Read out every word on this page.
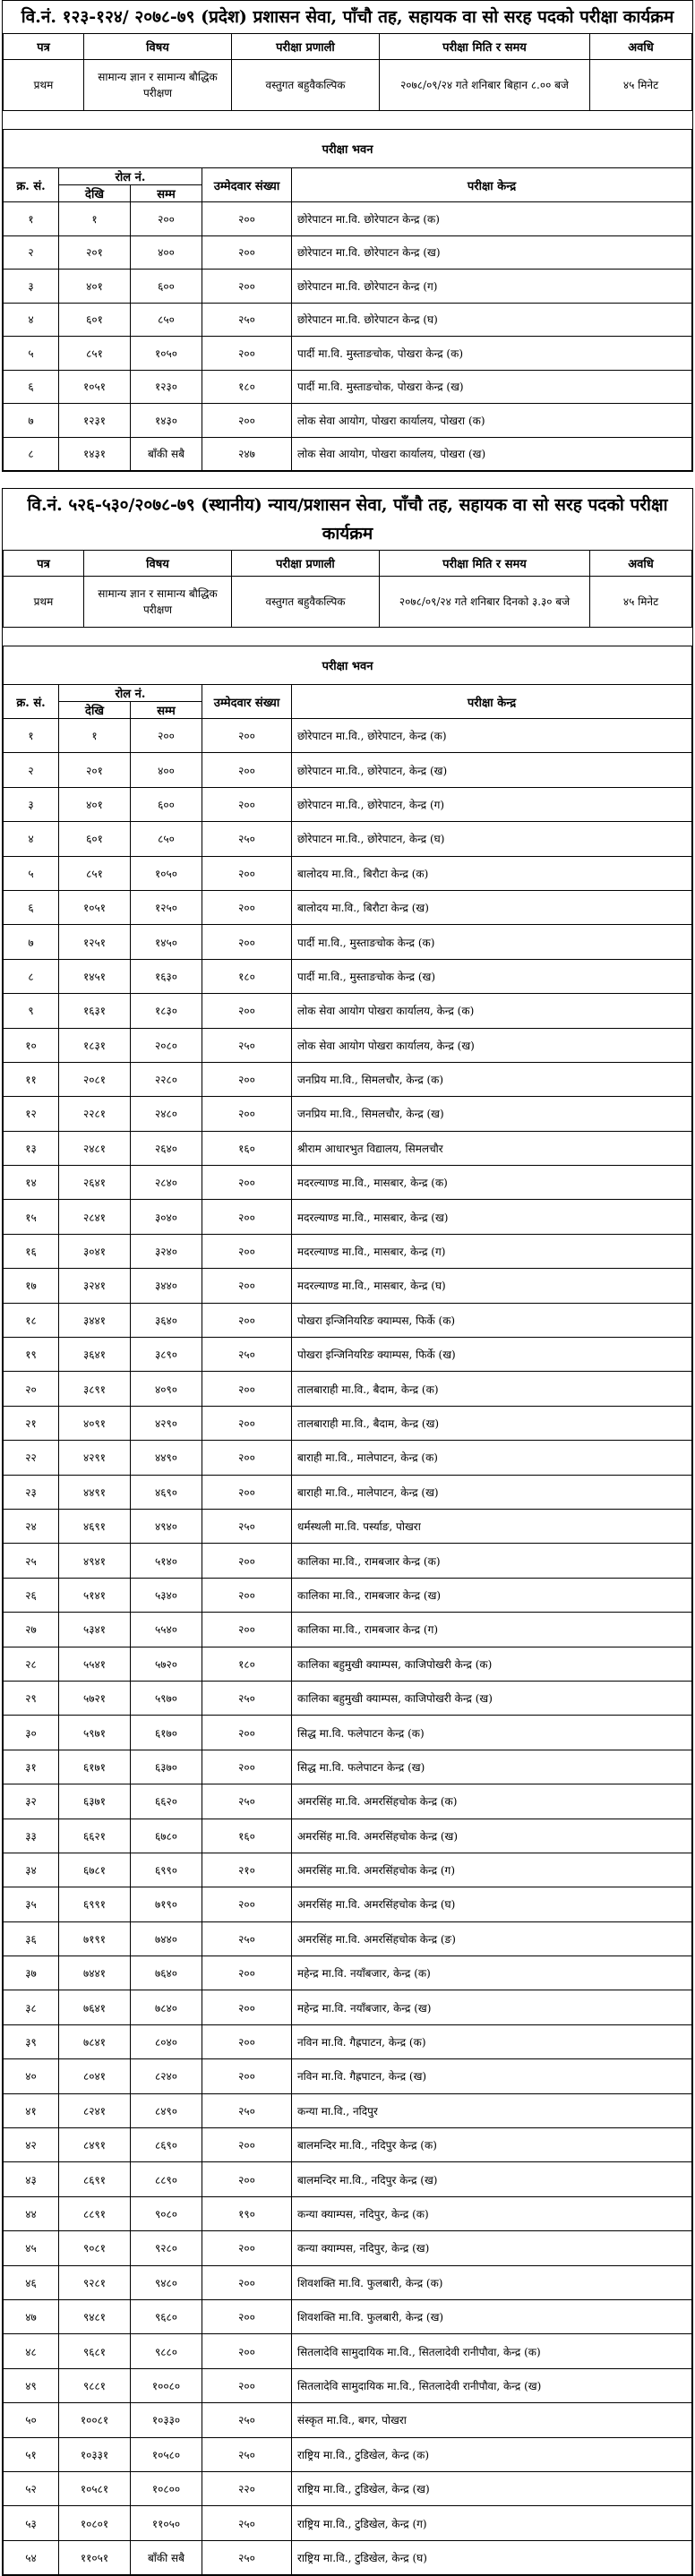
वि.नं. १२३-१२४/ २०७८-७९ (प्रदेश) प्रशासन सेवा, पाँचौ तह, सहायक वा सो सरह पदको परीक्षा कार्यक्रम
पत्र	विषय	परीक्षा प्रणाली	परीक्षा मिति र समय	अवधि
प्रथम	सामान्य ज्ञान र सामान्य बौद्धिक परीक्षण	वस्तुगत बहुवैकल्पिक	२०७८/०९/२४ गते शनिबार बिहान ८.०० बजे	४५ मिनेट
परीक्षा भवन				
क्र. सं.	रोल नं.		उम्मेदवार संख्या	परीक्षा केन्द्र
	देखि	सम्म		
१	१	२००	२००	छोरेपाटन मा.वि. छोरेपाटन केन्द्र (क)
२	२०१	४००	२००	छोरेपाटन मा.वि. छोरेपाटन केन्द्र (ख)
३	४०१	६००	२००	छोरेपाटन मा.वि. छोरेपाटन केन्द्र (ग)
४	६०१	८५०	२५०	छोरेपाटन मा.वि. छोरेपाटन केन्द्र (घ)
५	८५१	१०५०	२००	पार्दी मा.वि. मुस्ताङचोक, पोखरा केन्द्र (क)
६	१०५१	१२३०	१८०	पार्दी मा.वि. मुस्ताङचोक, पोखरा केन्द्र (ख)
७	१२३१	१४३०	२००	लोक सेवा आयोग, पोखरा कार्यालय, पोखरा (क)
८	१४३१	बाँकी सबै	२४७	लोक सेवा आयोग, पोखरा कार्यालय, पोखरा (ख)
वि.नं. ५२६-५३०/२०७८-७९ (स्थानीय) न्याय/प्रशासन सेवा, पाँचौ तह, सहायक वा सो सरह पदको परीक्षा कार्यक्रम
पत्र	विषय	परीक्षा प्रणाली	परीक्षा मिति र समय	अवधि
प्रथम	सामान्य ज्ञान र सामान्य बौद्धिक परीक्षण	वस्तुगत बहुवैकल्पिक	२०७८/०९/२४ गते शनिबार दिनको ३.३० बजे	४५ मिनेट
परीक्षा भवन				
क्र. सं.	रोल नं.		उम्मेदवार संख्या	परीक्षा केन्द्र
	देखि	सम्म		
१	१	२००	२००	छोरेपाटन मा.वि., छोरेपाटन, केन्द्र (क)
२	२०१	४००	२००	छोरेपाटन मा.वि., छोरेपाटन, केन्द्र (ख)
३	४०१	६००	२००	छोरेपाटन मा.वि., छोरेपाटन, केन्द्र (ग)
४	६०१	८५०	२५०	छोरेपाटन मा.वि., छोरेपाटन, केन्द्र (घ)
५	८५१	१०५०	२००	बालोदय मा.वि., बिरौटा केन्द्र (क)
६	१०५१	१२५०	२००	बालोदय मा.वि., बिरौटा केन्द्र (ख)
७	१२५१	१४५०	२००	पार्दी मा.वि., मुस्ताङचोक केन्द्र (क)
८	१४५१	१६३०	१८०	पार्दी मा.वि., मुस्ताङचोक केन्द्र (ख)
९	१६३१	१८३०	२००	लोक सेवा आयोग पोखरा कार्यालय, केन्द्र (क)
१०	१८३१	२०८०	२५०	लोक सेवा आयोग पोखरा कार्यालय, केन्द्र (ख)
११	२०८१	२२८०	२००	जनप्रिय मा.वि., सिमलचौर, केन्द्र (क)
१२	२२८१	२४८०	२००	जनप्रिय मा.वि., सिमलचौर, केन्द्र (ख)
१३	२४८१	२६४०	१६०	श्रीराम आधारभुत विद्यालय, सिमलचौर
१४	२६४१	२८४०	२००	मदरल्याण्ड मा.वि., मासबार, केन्द्र (क)
१५	२८४१	३०४०	२००	मदरल्याण्ड मा.वि., मासबार, केन्द्र (ख)
१६	३०४१	३२४०	२००	मदरल्याण्ड मा.वि., मासबार, केन्द्र (ग)
१७	३२४१	३४४०	२००	मदरल्याण्ड मा.वि., मासबार, केन्द्र (घ)
१८	३४४१	३६४०	२००	पोखरा इन्जिनियरिङ क्याम्पस, फिर्के (क)
१९	३६४१	३८९०	२५०	पोखरा इन्जिनियरिङ क्याम्पस, फिर्के (ख)
२०	३८९१	४०९०	२००	तालबाराही मा.वि., बैदाम, केन्द्र (क)
२१	४०९१	४२९०	२००	तालबाराही मा.वि., बैदाम, केन्द्र (ख)
२२	४२९१	४४९०	२००	बाराही मा.वि., मालेपाटन, केन्द्र (क)
२३	४४९१	४६९०	२००	बाराही मा.वि., मालेपाटन, केन्द्र (ख)
२४	४६९१	४९४०	२५०	धर्मस्थली मा.वि. पर्स्याङ, पोखरा
२५	४९४१	५१४०	२००	कालिका मा.वि., रामबजार केन्द्र (क)
२६	५१४१	५३४०	२००	कालिका मा.वि., रामबजार केन्द्र (ख)
२७	५३४१	५५४०	२००	कालिका मा.वि., रामबजार केन्द्र (ग)
२८	५५४१	५७२०	१८०	कालिका बहुमुखी क्याम्पस, काजिपोखरी केन्द्र (क)
२९	५७२१	५९७०	२५०	कालिका बहुमुखी क्याम्पस, काजिपोखरी केन्द्र (ख)
३०	५९७१	६१७०	२००	सिद्ध मा.वि. फलेपाटन केन्द्र (क)
३१	६१७१	६३७०	२००	सिद्ध मा.वि. फलेपाटन केन्द्र (ख)
३२	६३७१	६६२०	२५०	अमरसिंह मा.वि. अमरसिंहचोक केन्द्र (क)
३३	६६२१	६७८०	१६०	अमरसिंह मा.वि. अमरसिंहचोक केन्द्र (ख)
३४	६७८१	६९९०	२१०	अमरसिंह मा.वि. अमरसिंहचोक केन्द्र (ग)
३५	६९९१	७१९०	२००	अमरसिंह मा.वि. अमरसिंहचोक केन्द्र (घ)
३६	७१९१	७४४०	२५०	अमरसिंह मा.वि. अमरसिंहचोक केन्द्र (ङ)
३७	७४४१	७६४०	२००	महेन्द्र मा.वि. नयाँबजार, केन्द्र (क)
३८	७६४१	७८४०	२००	महेन्द्र मा.वि. नयाँबजार, केन्द्र (ख)
३९	७८४१	८०४०	२००	नविन मा.वि. गैह्रपाटन, केन्द्र (क)
४०	८०४१	८२४०	२००	नविन मा.वि. गैह्रपाटन, केन्द्र (ख)
४१	८२४१	८४९०	२५०	कन्या मा.वि., नदिपुर
४२	८४९१	८६९०	२००	बालमन्दिर मा.वि., नदिपुर केन्द्र (क)
४३	८६९१	८८९०	२००	बालमन्दिर मा.वि., नदिपुर केन्द्र (ख)
४४	८८९१	९०८०	१९०	कन्या क्याम्पस, नदिपुर, केन्द्र (क)
४५	९०८१	९२८०	२००	कन्या क्याम्पस, नदिपुर, केन्द्र (ख)
४६	९२८१	९४८०	२००	शिवशक्ति मा.वि. फुलबारी, केन्द्र (क)
४७	९४८१	९६८०	२००	शिवशक्ति मा.वि. फुलबारी, केन्द्र (ख)
४८	९६८१	९८८०	२००	सितलादेवि सामुदायिक मा.वि., सितलादेवी रानीपौवा, केन्द्र (क)
४९	९८८१	१००८०	२००	सितलादेवि सामुदायिक मा.वि., सितलादेवी रानीपौवा, केन्द्र (ख)
५०	१००८१	१०३३०	२५०	संस्कृत मा.वि., बगर, पोखरा
५१	१०३३१	१०५८०	२५०	राष्ट्रिय मा.वि., टुडिखेल, केन्द्र (क)
५२	१०५८१	१०८००	२२०	राष्ट्रिय मा.वि., टुडिखेल, केन्द्र (ख)
५३	१०८०१	११०५०	२५०	राष्ट्रिय मा.वि., टुडिखेल, केन्द्र (ग)
५४	११०५१	बाँकी सबै	२५०	राष्ट्रिय मा.वि., टुडिखेल, केन्द्र (घ)
